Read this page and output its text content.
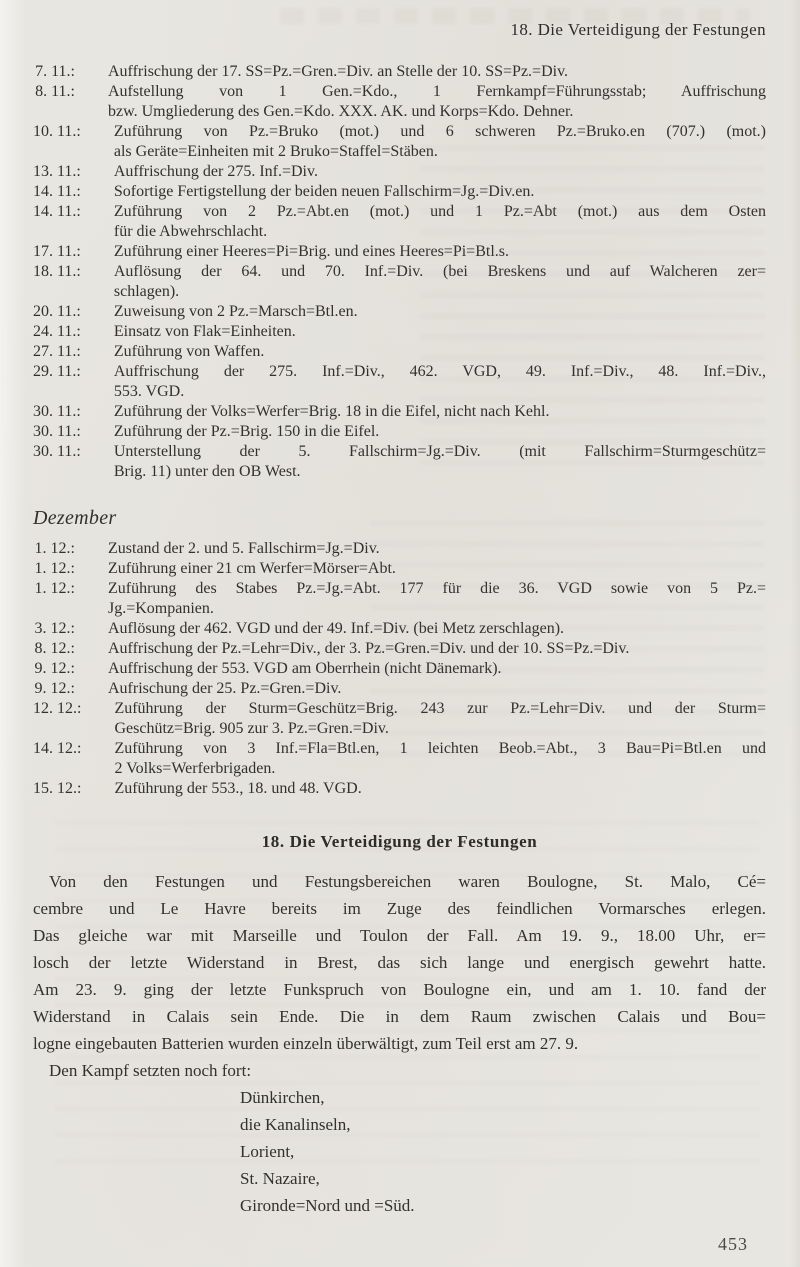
18. Die Verteidigung der Festungen
7. 11.: Auffrischung der 17. SS=Pz.=Gren.=Div. an Stelle der 10. SS=Pz.=Div.
8. 11.: Aufstellung von 1 Gen.=Kdo., 1 Fernkampf=Führungsstab; Auffrischung
bzw. Umgliederung des Gen.=Kdo. XXX. AK. und Korps=Kdo. Dehner.
10. 11.: Zuführung von Pz.=Bruko (mot.) und 6 schweren Pz.=Bruko.en (707.) (mot.)
als Geräte=Einheiten mit 2 Bruko=Staffel=Stäben.
13. 11.: Auffrischung der 275. Inf.=Div.
14. 11.: Sofortige Fertigstellung der beiden neuen Fallschirm=Jg.=Div.en.
14. 11.: Zuführung von 2 Pz.=Abt.en (mot.) und 1 Pz.=Abt (mot.) aus dem Osten
für die Abwehrschlacht.
17. 11.: Zuführung einer Heeres=Pi=Brig. und eines Heeres=Pi=Btl.s.
18. 11.: Auflösung der 64. und 70. Inf.=Div. (bei Breskens und auf Walcheren zer=
schlagen).
20. 11.: Zuweisung von 2 Pz.=Marsch=Btl.en.
24. 11.: Einsatz von Flak=Einheiten.
27. 11.: Zuführung von Waffen.
29. 11.: Auffrischung der 275. Inf.=Div., 462. VGD, 49. Inf.=Div., 48. Inf.=Div.,
553. VGD.
30. 11.: Zuführung der Volks=Werfer=Brig. 18 in die Eifel, nicht nach Kehl.
30. 11.: Zuführung der Pz.=Brig. 150 in die Eifel.
30. 11.: Unterstellung der 5. Fallschirm=Jg.=Div. (mit Fallschirm=Sturmgeschütz=
Brig. 11) unter den OB West.
Dezember
1. 12.: Zustand der 2. und 5. Fallschirm=Jg.=Div.
1. 12.: Zuführung einer 21 cm Werfer=Mörser=Abt.
1. 12.: Zuführung des Stabes Pz.=Jg.=Abt. 177 für die 36. VGD sowie von 5 Pz.=
Jg.=Kompanien.
3. 12.: Auflösung der 462. VGD und der 49. Inf.=Div. (bei Metz zerschlagen).
8. 12.: Auffrischung der Pz.=Lehr=Div., der 3. Pz.=Gren.=Div. und der 10. SS=Pz.=Div.
9. 12.: Auffrischung der 553. VGD am Oberrhein (nicht Dänemark).
9. 12.: Aufrischung der 25. Pz.=Gren.=Div.
12. 12.: Zuführung der Sturm=Geschütz=Brig. 243 zur Pz.=Lehr=Div. und der Sturm=
Geschütz=Brig. 905 zur 3. Pz.=Gren.=Div.
14. 12.: Zuführung von 3 Inf.=Fla=Btl.en, 1 leichten Beob.=Abt., 3 Bau=Pi=Btl.en und
2 Volks=Werferbrigaden.
15. 12.: Zuführung der 553., 18. und 48. VGD.
18. Die Verteidigung der Festungen
Von den Festungen und Festungsbereichen waren Boulogne, St. Malo, Cé=
cembre und Le Havre bereits im Zuge des feindlichen Vormarsches erlegen.
Das gleiche war mit Marseille und Toulon der Fall. Am 19. 9., 18.00 Uhr, er=
losch der letzte Widerstand in Brest, das sich lange und energisch gewehrt hatte.
Am 23. 9. ging der letzte Funkspruch von Boulogne ein, und am 1. 10. fand der
Widerstand in Calais sein Ende. Die in dem Raum zwischen Calais und Bou=
logne eingebauten Batterien wurden einzeln überwältigt, zum Teil erst am 27. 9.
Den Kampf setzten noch fort:
Dünkirchen,
die Kanalinseln,
Lorient,
St. Nazaire,
Gironde=Nord und =Süd.
453
